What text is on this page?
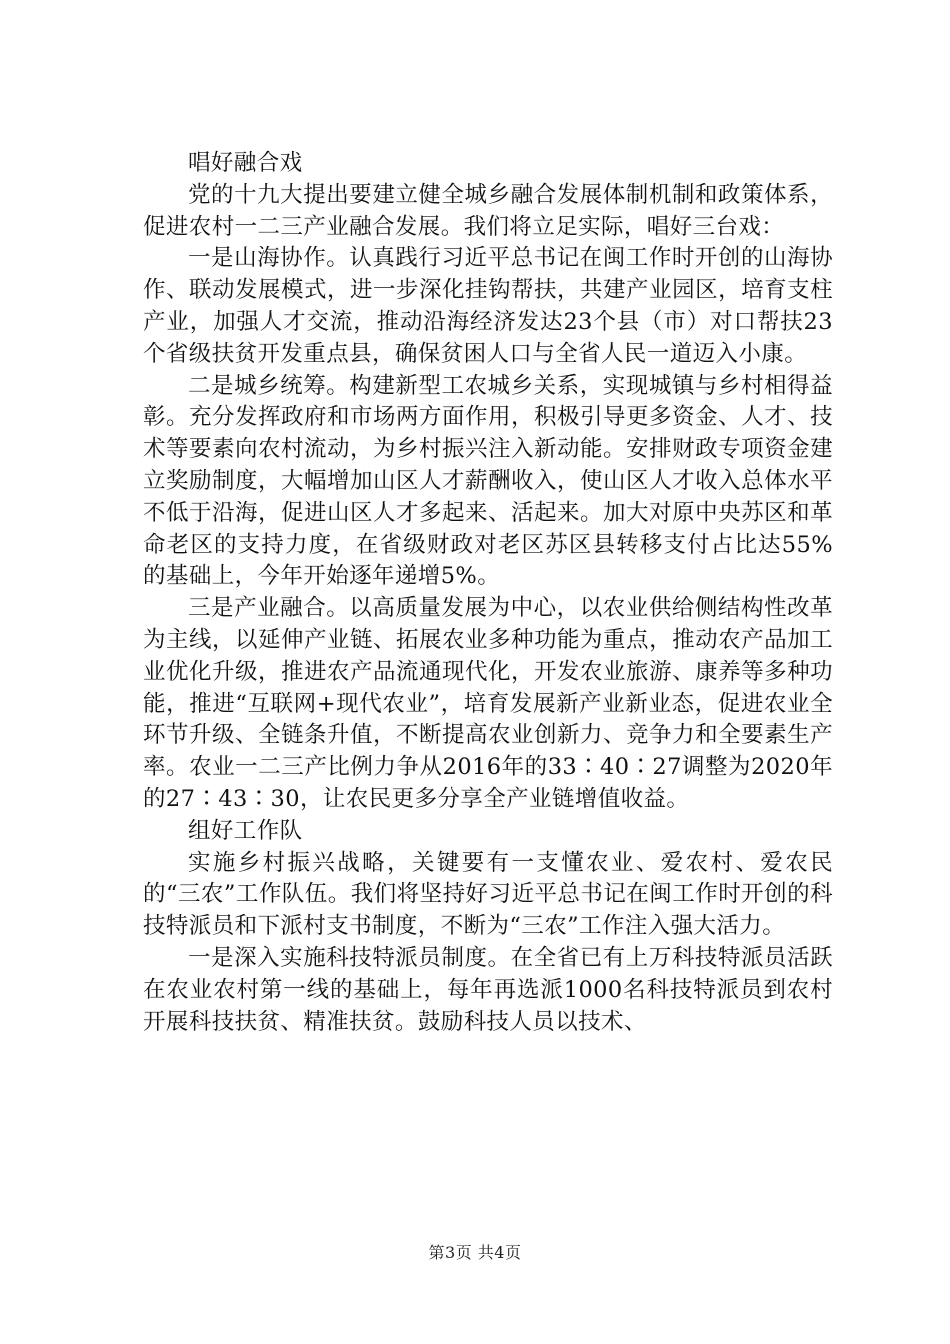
唱好融合戏

党的十九大提出要建立健全城乡融合发展体制机制和政策体系，促进农村一二三产业融合发展。我们将立足实际，唱好三台戏：

一是山海协作。认真践行习近平总书记在闽工作时开创的山海协作、联动发展模式，进一步深化挂钩帮扶，共建产业园区，培育支柱产业，加强人才交流，推动沿海经济发达23个县（市）对口帮扶23个省级扶贫开发重点县，确保贫困人口与全省人民一道迈入小康。

二是城乡统筹。构建新型工农城乡关系，实现城镇与乡村相得益彰。充分发挥政府和市场两方面作用，积极引导更多资金、人才、技术等要素向农村流动，为乡村振兴注入新动能。安排财政专项资金建立奖励制度，大幅增加山区人才薪酬收入，使山区人才收入总体水平不低于沿海，促进山区人才多起来、活起来。加大对原中央苏区和革命老区的支持力度，在省级财政对老区苏区县转移支付占比达55%的基础上，今年开始逐年递增5%。

三是产业融合。以高质量发展为中心，以农业供给侧结构性改革为主线，以延伸产业链、拓展农业多种功能为重点，推动农产品加工业优化升级，推进农产品流通现代化，开发农业旅游、康养等多种功能，推进“互联网+现代农业”，培育发展新产业新业态，促进农业全环节升级、全链条升值，不断提高农业创新力、竞争力和全要素生产率。农业一二三产比例力争从2016年的33∶40∶27调整为2020年的27∶43∶30，让农民更多分享全产业链增值收益。

组好工作队

实施乡村振兴战略，关键要有一支懂农业、爱农村、爱农民的“三农”工作队伍。我们将坚持好习近平总书记在闽工作时开创的科技特派员和下派村支书制度，不断为“三农”工作注入强大活力。

一是深入实施科技特派员制度。在全省已有上万科技特派员活跃在农业农村第一线的基础上，每年再选派1000名科技特派员到农村开展科技扶贫、精准扶贫。鼓励科技人员以技术、

第3页 共4页
